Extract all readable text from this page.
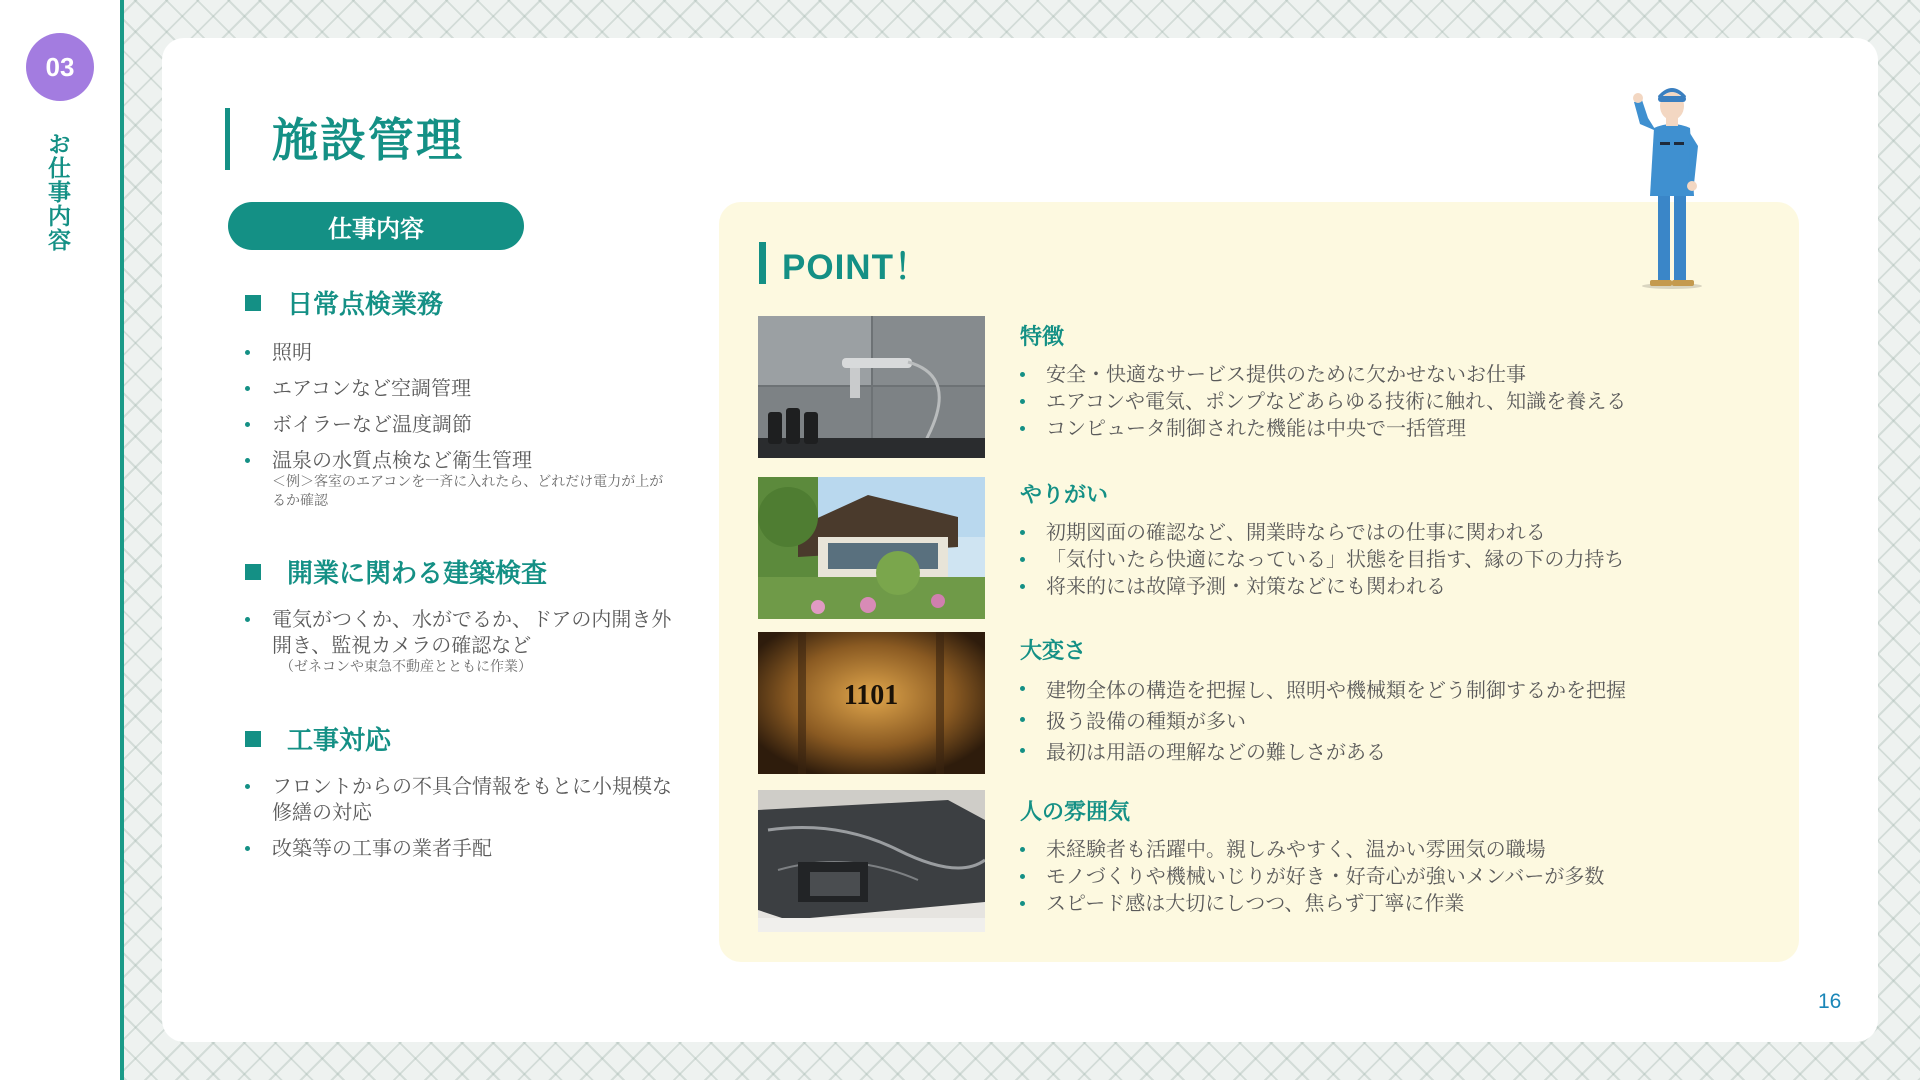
03
お仕事内容	施設管理
仕事内容
日常点検業務
照明
エアコンなど空調管理
ボイラーなど温度調節
温泉の水質点検など衛生管理
＜例＞客室のエアコンを一斉に入れたら、どれだけ電力が上がるか確認
開業に関わる建築検査
電気がつくか、水がでるか、ドアの内開き外開き、監視カメラの確認など
（ゼネコンや東急不動産とともに作業）
工事対応
フロントからの不具合情報をもとに小規模な修繕の対応
改築等の工事の業者手配
POINT！
1101
特徴
安全・快適なサービス提供のために欠かせないお仕事
エアコンや電気、ポンプなどあらゆる技術に触れ、知識を養える
コンピュータ制御された機能は中央で一括管理
やりがい
初期図面の確認など、開業時ならではの仕事に関われる
「気付いたら快適になっている」状態を目指す、縁の下の力持ち
将来的には故障予測・対策などにも関われる
大変さ
建物全体の構造を把握し、照明や機械類をどう制御するかを把握
扱う設備の種類が多い
最初は用語の理解などの難しさがある
人の雰囲気
未経験者も活躍中。親しみやすく、温かい雰囲気の職場
モノづくりや機械いじりが好き・好奇心が強いメンバーが多数
スピード感は大切にしつつ、焦らず丁寧に作業
16
